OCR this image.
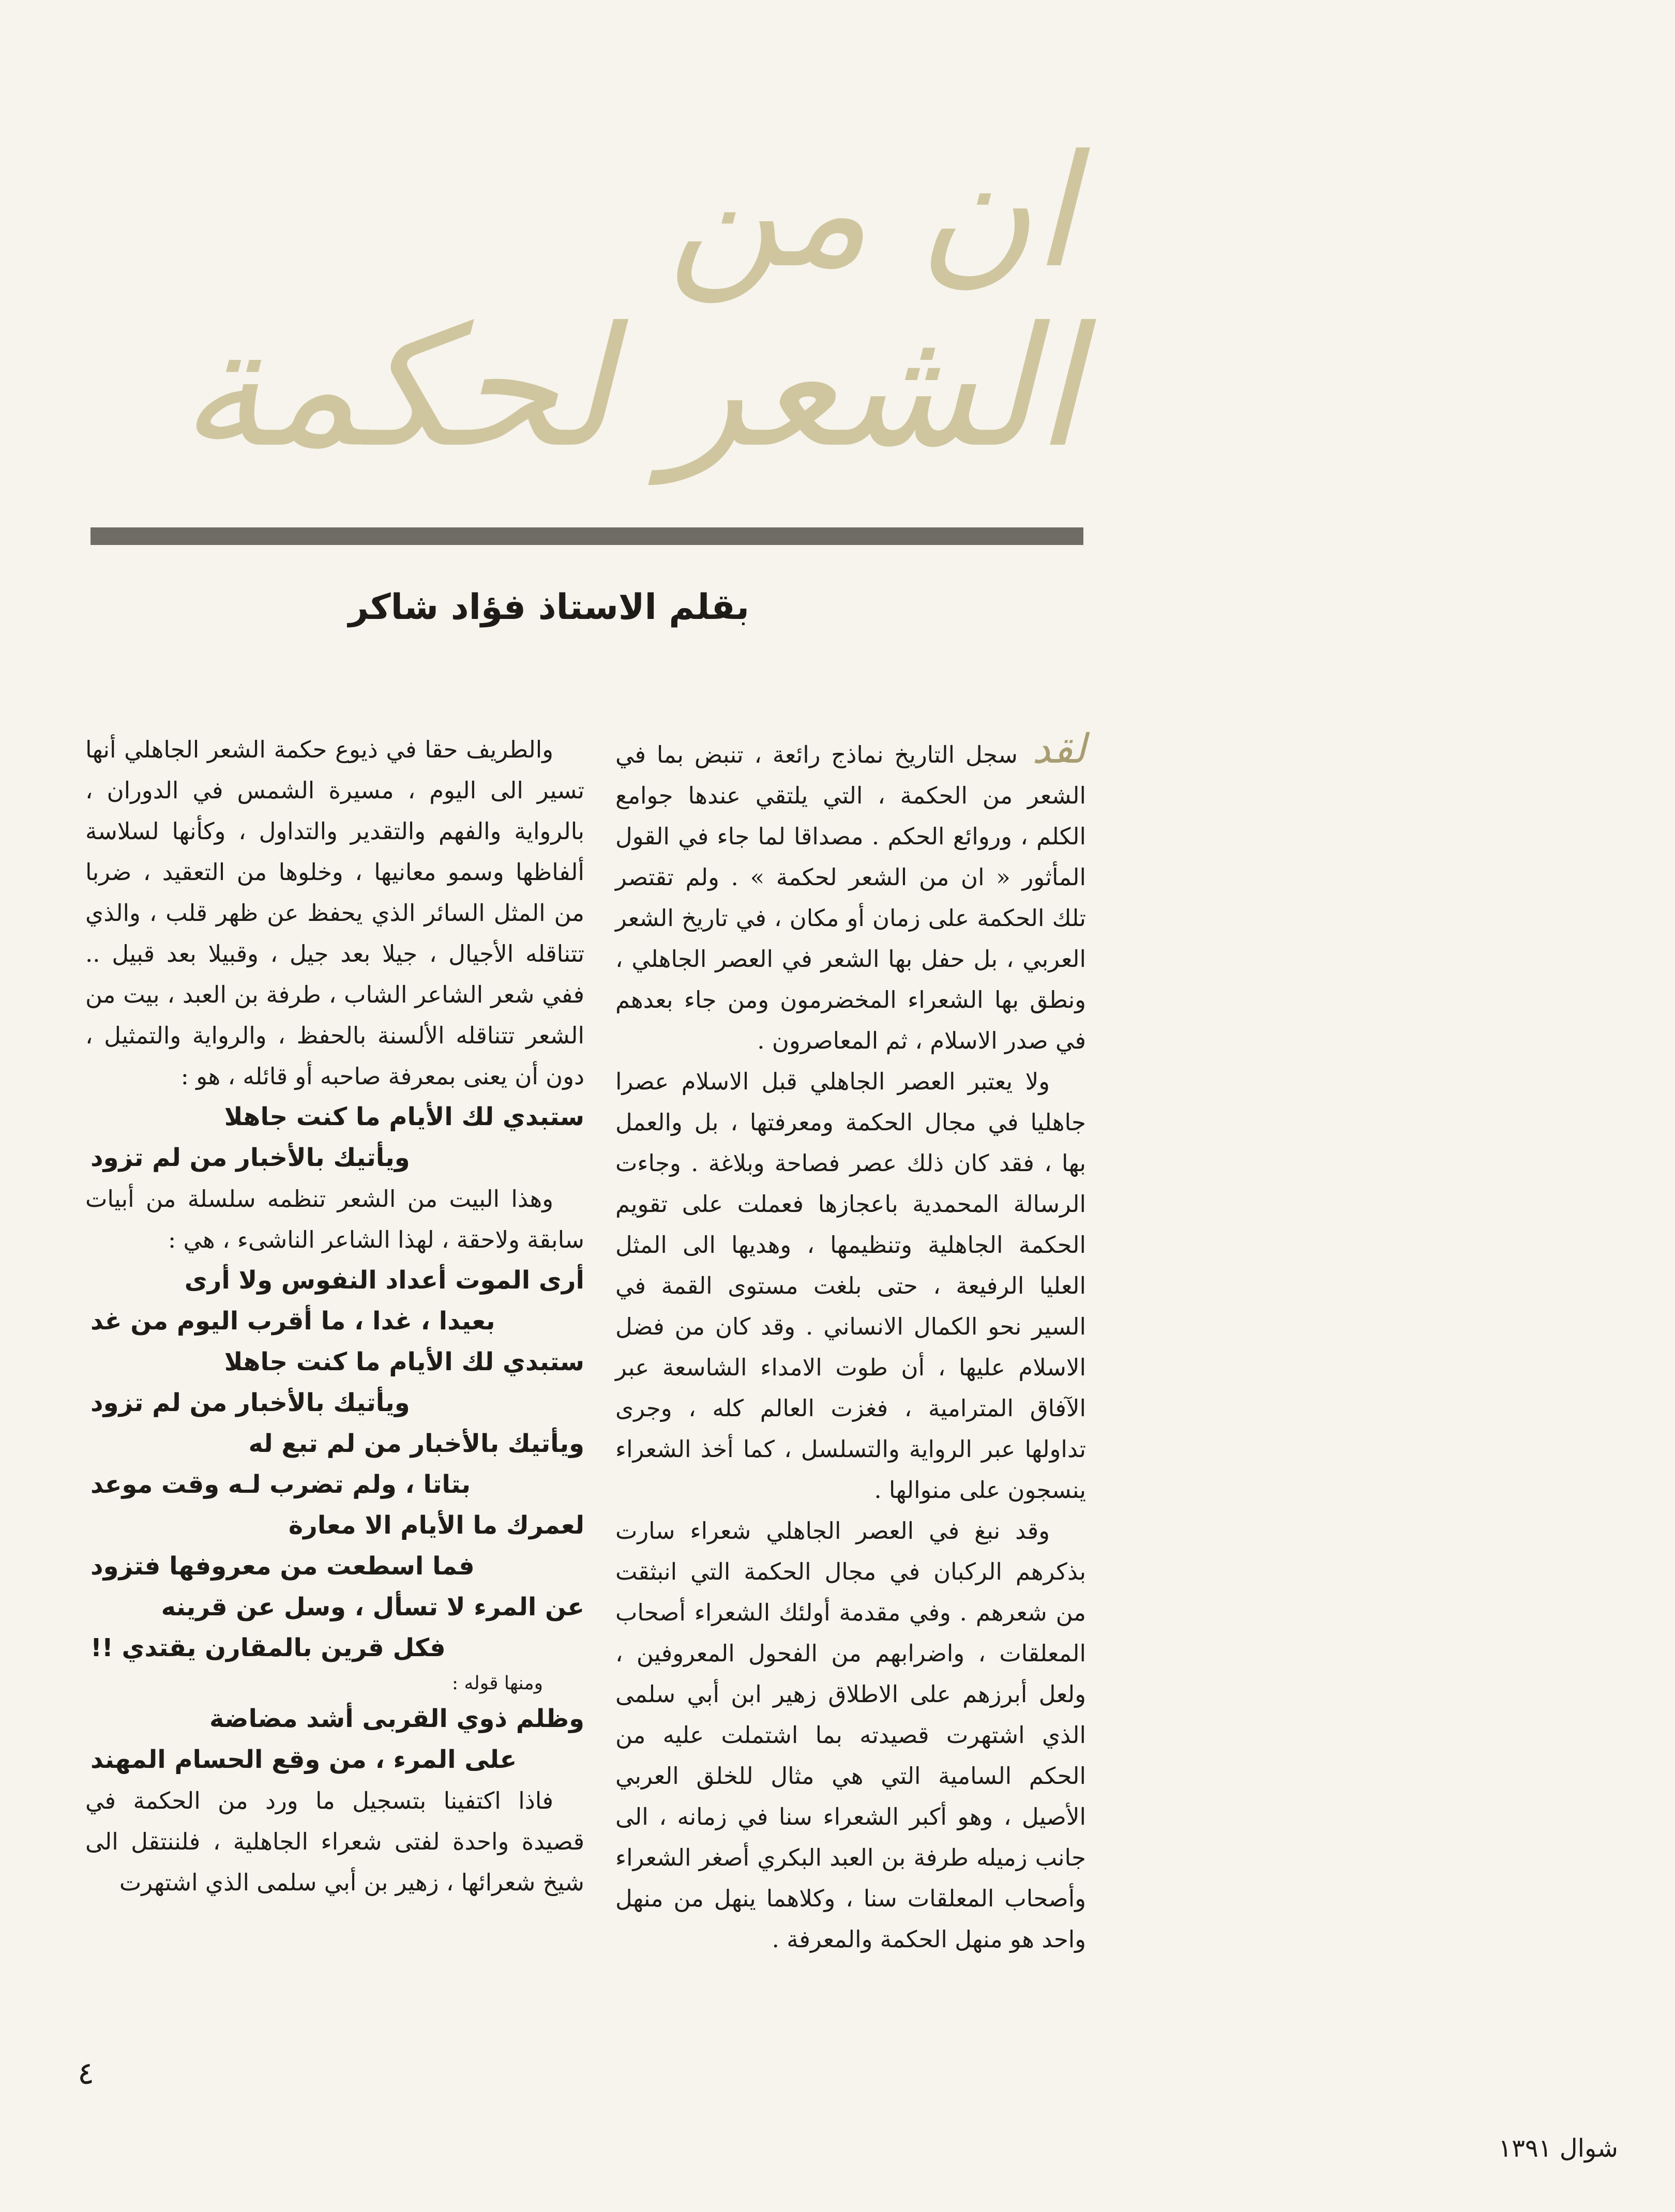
ان من
الشعر لحكمة
بقلم الاستاذ فؤاد شاكر

لقدسجل التاريخ نماذج رائعة ، تنبض بما في الشعر من الحكمة ، التي يلتقي عندها جوامع الكلم ، وروائع الحكم . مصداقا لما جاء في القول المأثور « ان من الشعر لحكمة » . ولم تقتصر تلك الحكمة على زمان أو مكان ، في تاريخ الشعر العربي ، بل حفل بها الشعر في العصر الجاهلي ، ونطق بها الشعراء المخضرمون ومن جاء بعدهم في صدر الاسلام ، ثم المعاصرون .

ولا يعتبر العصر الجاهلي قبل الاسلام عصرا جاهليا في مجال الحكمة ومعرفتها ، بل والعمل بها ، فقد كان ذلك عصر فصاحة وبلاغة . وجاءت الرسالة المحمدية باعجازها فعملت على تقويم الحكمة الجاهلية وتنظيمها ، وهديها الى المثل العليا الرفيعة ، حتى بلغت مستوى القمة في السير نحو الكمال الانساني . وقد كان من فضل الاسلام عليها ، أن طوت الامداء الشاسعة عبر الآفاق المترامية ، فغزت العالم كله ، وجرى تداولها عبر الرواية والتسلسل ، كما أخذ الشعراء ينسجون على منوالها .

وقد نبغ في العصر الجاهلي شعراء سارت بذكرهم الركبان في مجال الحكمة التي انبثقت من شعرهم . وفي مقدمة أولئك الشعراء أصحاب المعلقات ، واضرابهم من الفحول المعروفين ، ولعل أبرزهم على الاطلاق زهير ابن أبي سلمى الذي اشتهرت قصيدته بما اشتملت عليه من الحكم السامية التي هي مثال للخلق العربي الأصيل ، وهو أكبر الشعراء سنا في زمانه ، الى جانب زميله طرفة بن العبد البكري أصغر الشعراء وأصحاب المعلقات سنا ، وكلاهما ينهل من منهل واحد هو منهل الحكمة والمعرفة .

والطريف حقا في ذيوع حكمة الشعر الجاهلي أنها تسير الى اليوم ، مسيرة الشمس في الدوران ، بالرواية والفهم والتقدير والتداول ، وكأنها لسلاسة ألفاظها وسمو معانيها ، وخلوها من التعقيد ، ضربا من المثل السائر الذي يحفظ عن ظهر قلب ، والذي تتناقله الأجيال ، جيلا بعد جيل ، وقبيلا بعد قبيل .. ففي شعر الشاعر الشاب ، طرفة بن العبد ، بيت من الشعر تتناقله الألسنة بالحفظ ، والرواية والتمثيل ، دون أن يعنى بمعرفة صاحبه أو قائله ، هو :

ستبدي لك الأيام ما كنت جاهلا

ويأتيك بالأخبار من لم تزود

وهذا البيت من الشعر تنظمه سلسلة من أبيات سابقة ولاحقة ، لهذا الشاعر الناشىء ، هي :

أرى الموت أعداد النفوس ولا أرى

بعيدا ، غدا ، ما أقرب اليوم من غد

ستبدي لك الأيام ما كنت جاهلا

ويأتيك بالأخبار من لم تزود

ويأتيك بالأخبار من لم تبع له

بتاتا ، ولم تضرب لـه وقت موعد

لعمرك ما الأيام الا معارة

فما اسطعت من معروفها فتزود

عن المرء لا تسأل ، وسل عن قرينه

فكل قرين بالمقارن يقتدي !!

ومنها قوله :

وظلم ذوي القربى أشد مضاضة

على المرء ، من وقع الحسام المهند

فاذا اكتفينا بتسجيل ما ورد من الحكمة في قصيدة واحدة لفتى شعراء الجاهلية ، فلننتقل الى شيخ شعرائها ، زهير بن أبي سلمى الذي اشتهرت

٤
شوال ١٣٩١
